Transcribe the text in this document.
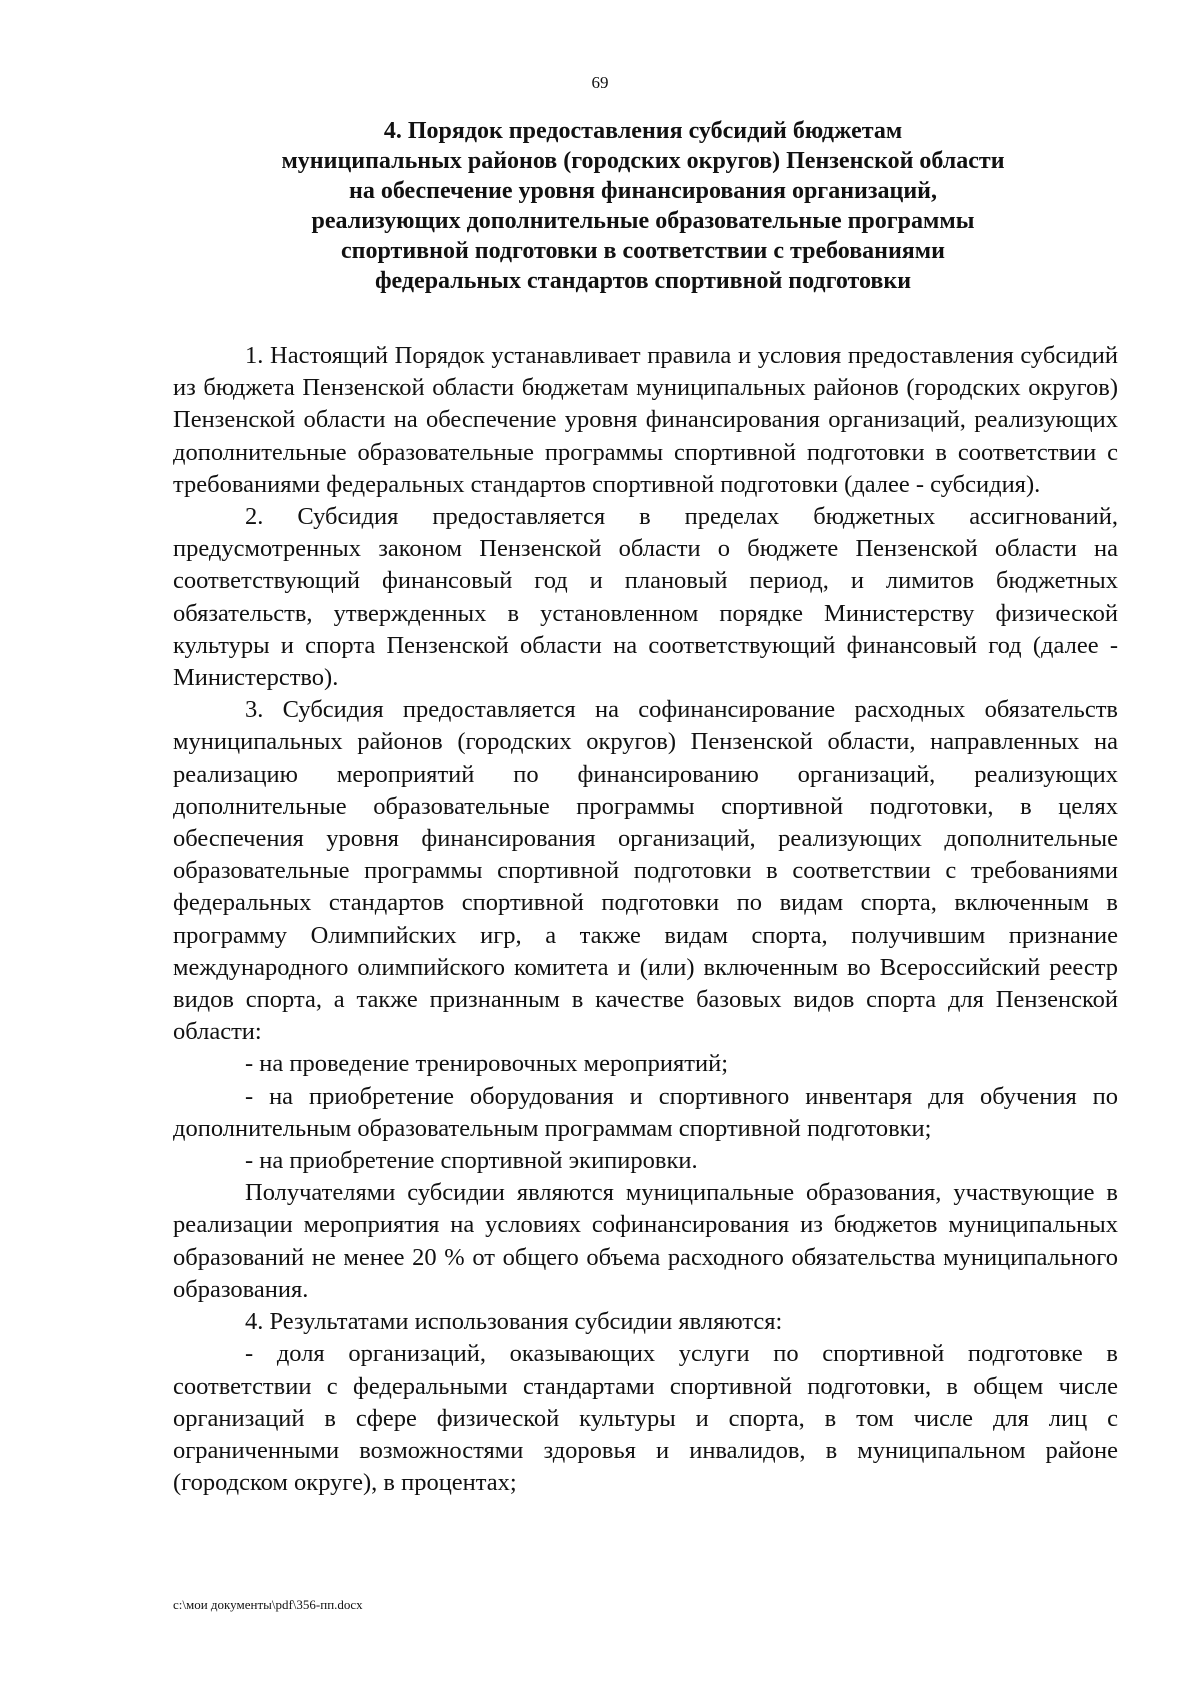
69
4. Порядок предоставления субсидий бюджетам
муниципальных районов (городских округов) Пензенской области
на обеспечение уровня финансирования организаций,
реализующих дополнительные образовательные программы
спортивной подготовки в соответствии с требованиями
федеральных стандартов спортивной подготовки

1. Настоящий Порядок устанавливает правила и условия предоставления субсидий из бюджета Пензенской области бюджетам муниципальных районов (городских округов) Пензенской области на обеспечение уровня финансирования организаций, реализующих дополнительные образовательные программы спортивной подготовки в соответствии с требованиями федеральных стандартов спортивной подготовки (далее - субсидия).

2. Субсидия предоставляется в пределах бюджетных ассигнований, предусмотренных законом Пензенской области о бюджете Пензенской области на соответствующий финансовый год и плановый период, и лимитов бюджетных обязательств, утвержденных в установленном порядке Министерству физической культуры и спорта Пензенской области на соответствующий финансовый год (далее - Министерство).

3. Субсидия предоставляется на софинансирование расходных обязательств муниципальных районов (городских округов) Пензенской области, направленных на реализацию мероприятий по финансированию организаций, реализующих дополнительные образовательные программы спортивной подготовки, в целях обеспечения уровня финансирования организаций, реализующих дополнительные образовательные программы спортивной подготовки в соответствии с требованиями федеральных стандартов спортивной подготовки по видам спорта, включенным в программу Олимпийских игр, а также видам спорта, получившим признание международного олимпийского комитета и (или) включенным во Всероссийский реестр видов спорта, а также признанным в качестве базовых видов спорта для Пензенской области:

- на проведение тренировочных мероприятий;

- на приобретение оборудования и спортивного инвентаря для обучения по дополнительным образовательным программам спортивной подготовки;

- на приобретение спортивной экипировки.

Получателями субсидии являются муниципальные образования, участвующие в реализации мероприятия на условиях софинансирования из бюджетов муниципальных образований не менее 20 % от общего объема расходного обязательства муниципального образования.

4. Результатами использования субсидии являются:

- доля организаций, оказывающих услуги по спортивной подготовке в соответствии с федеральными стандартами спортивной подготовки, в общем числе организаций в сфере физической культуры и спорта, в том числе для лиц с ограниченными возможностями здоровья и инвалидов, в муниципальном районе (городском округе), в процентах;

c:\мои документы\pdf\356-пп.docx
